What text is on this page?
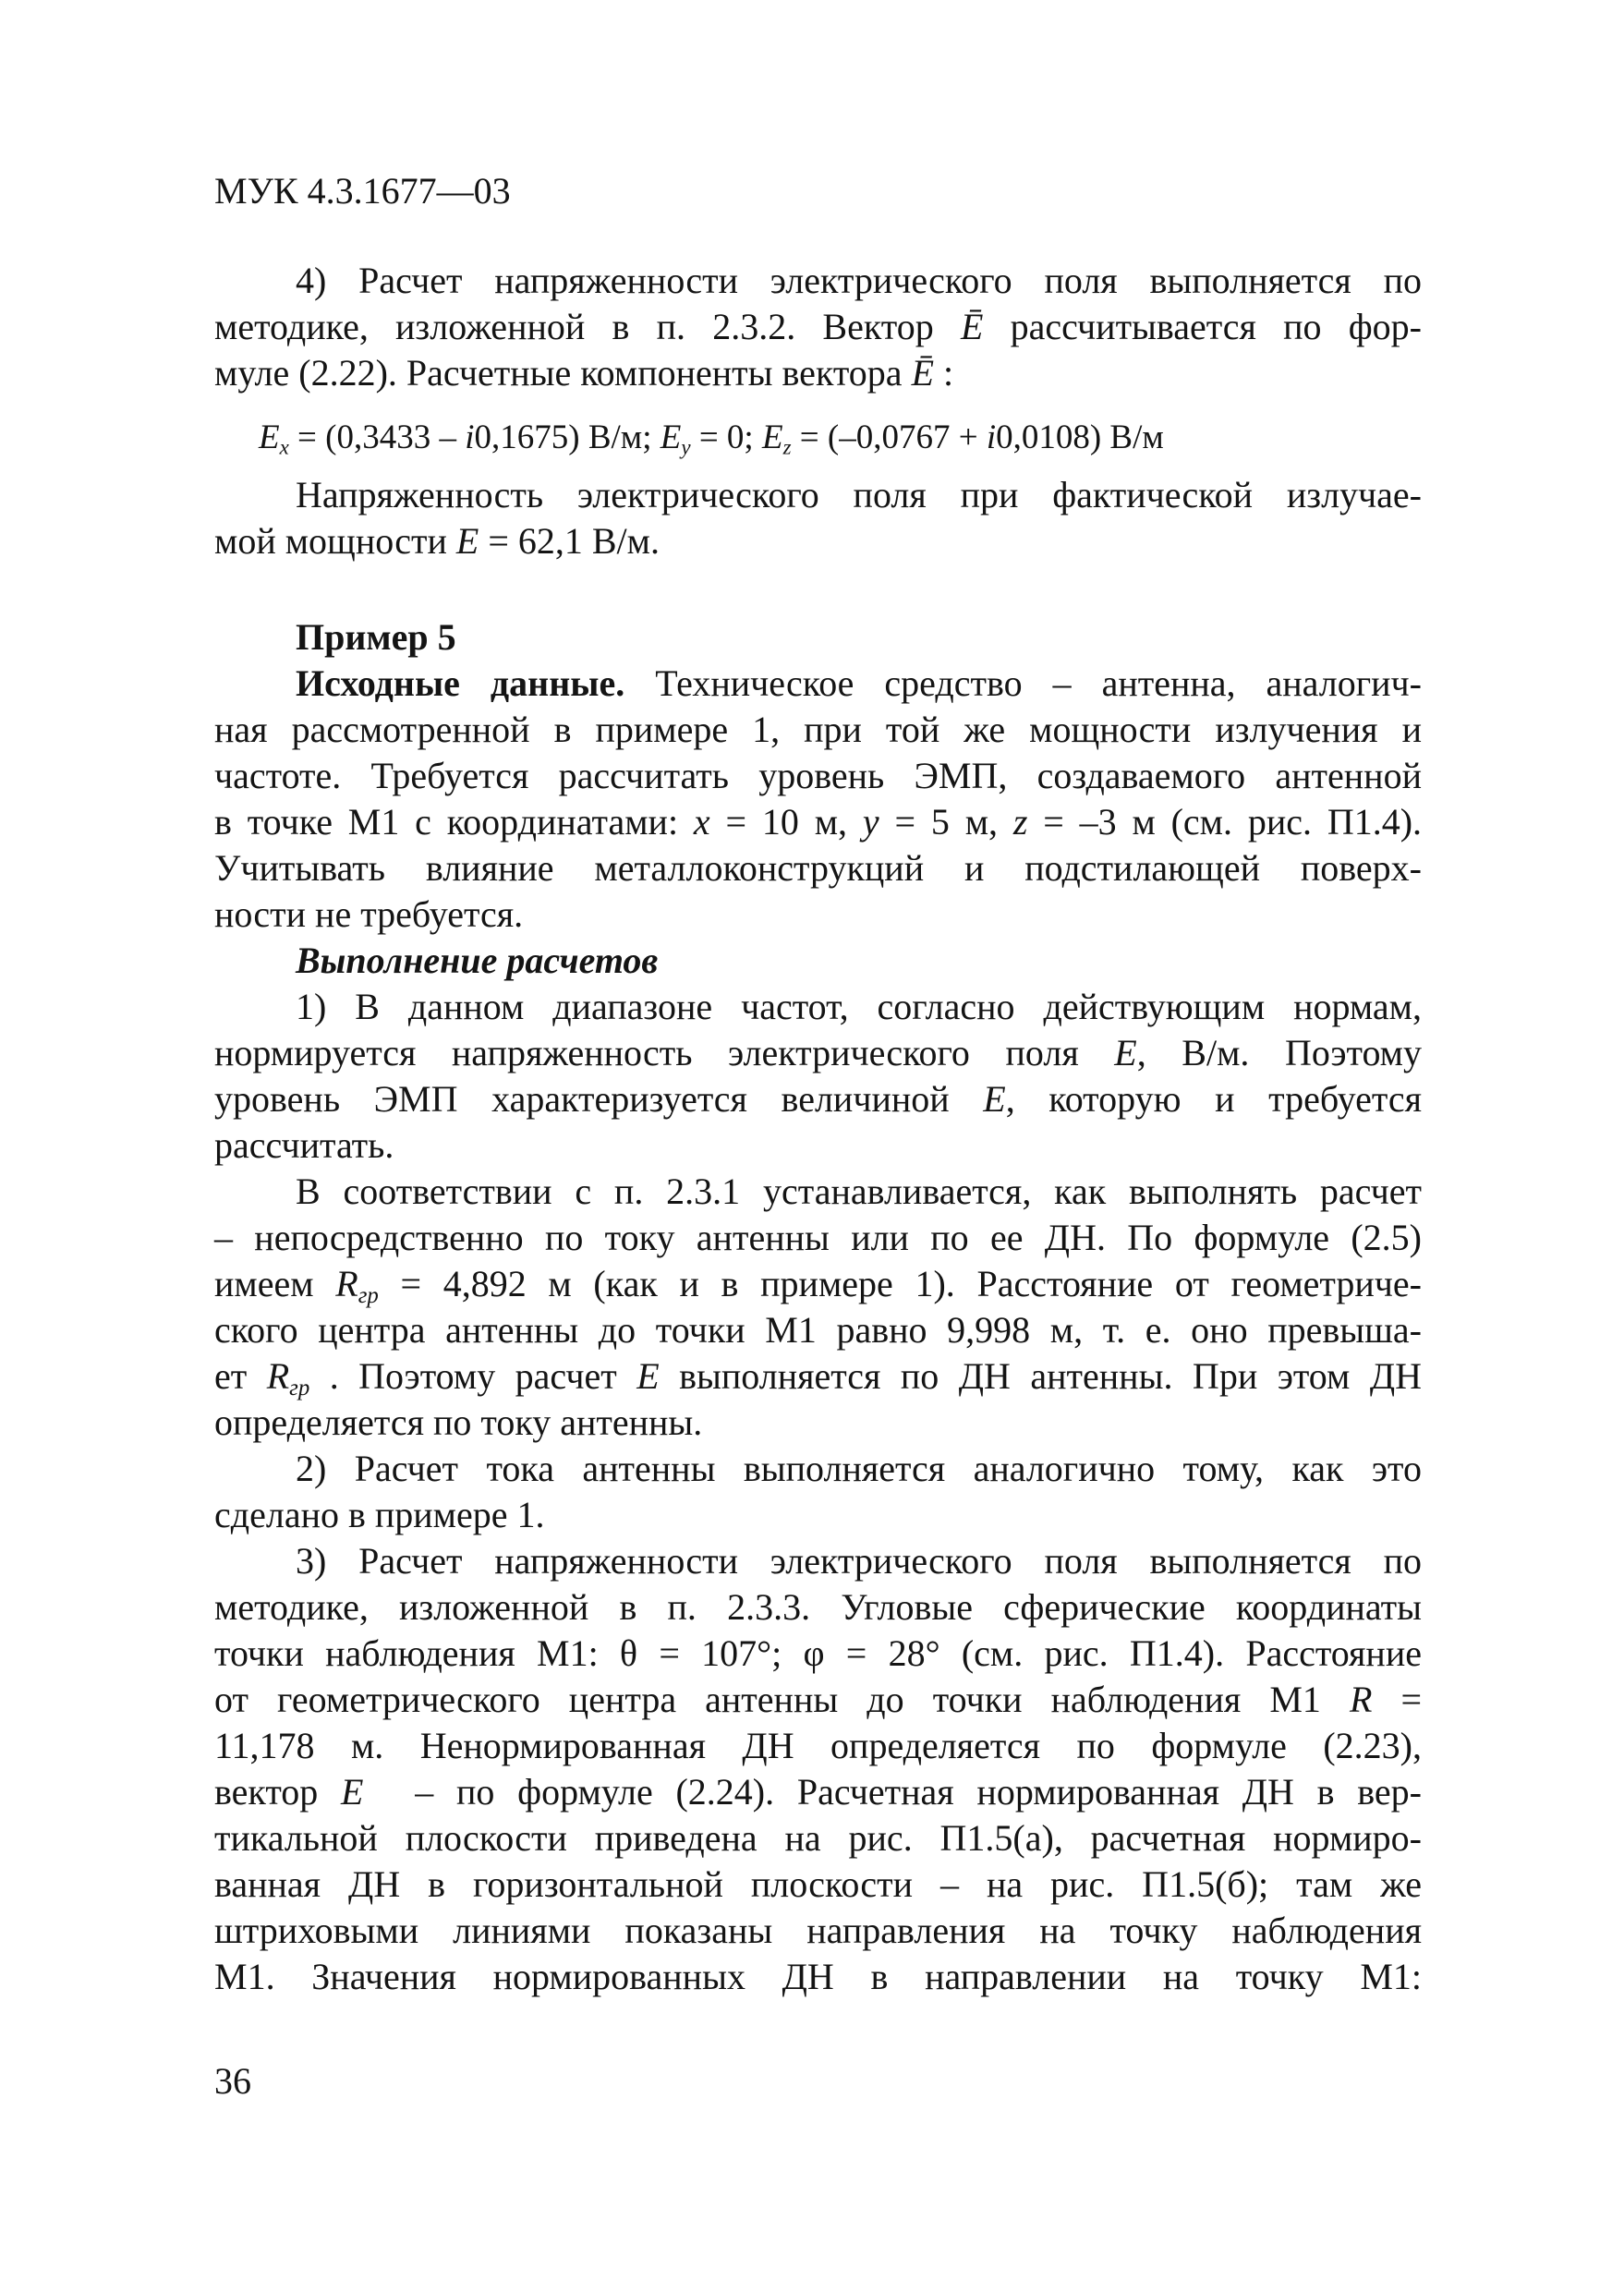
МУК 4.3.1677—03
4) Расчет напряженности электрического поля выполняется по
методике, изложенной в п. 2.3.2. Вектор Ē рассчитывается по фор-
муле (2.22). Расчетные компоненты вектора Ē :
Ex = (0,3433 – i0,1675) В/м; Ey = 0; Ez = (–0,0767 + i0,0108) В/м
Напряженность электрического поля при фактической излучае-
мой мощности E = 62,1 В/м.
Пример 5
Исходные данные. Техническое средство – антенна, аналогич-
ная рассмотренной в примере 1, при той же мощности излучения и
частоте. Требуется рассчитать уровень ЭМП, создаваемого антенной
в точке М1 с координатами: x = 10 м, y = 5 м, z = –3 м (см. рис. П1.4).
Учитывать влияние металлоконструкций и подстилающей поверх-
ности не требуется.
Выполнение расчетов
1) В данном диапазоне частот, согласно действующим нормам,
нормируется напряженность электрического поля E, В/м. Поэтому
уровень ЭМП характеризуется величиной E, которую и требуется
рассчитать.
В соответствии с п. 2.3.1 устанавливается, как выполнять расчет
– непосредственно по току антенны или по ее ДН. По формуле (2.5)
имеем Rгр = 4,892 м (как и в примере 1). Расстояние от геометриче-
ского центра антенны до точки М1 равно 9,998 м, т. е. оно превыша-
ет Rгр . Поэтому расчет E выполняется по ДН антенны. При этом ДН
определяется по току антенны.
2) Расчет тока антенны выполняется аналогично тому, как это
сделано в примере 1.
3) Расчет напряженности электрического поля выполняется по
методике, изложенной в п. 2.3.3. Угловые сферические координаты
точки наблюдения М1: θ = 107°; φ = 28° (см. рис. П1.4). Расстояние
от геометрического центра антенны до точки наблюдения М1 R =
11,178 м. Ненормированная ДН определяется по формуле (2.23),
вектор E⃗ – по формуле (2.24). Расчетная нормированная ДН в вер-
тикальной плоскости приведена на рис. П1.5(а), расчетная нормиро-
ванная ДН в горизонтальной плоскости – на рис. П1.5(б); там же
штриховыми линиями показаны направления на точку наблюдения
М1. Значения нормированных ДН в направлении на точку М1:
36
